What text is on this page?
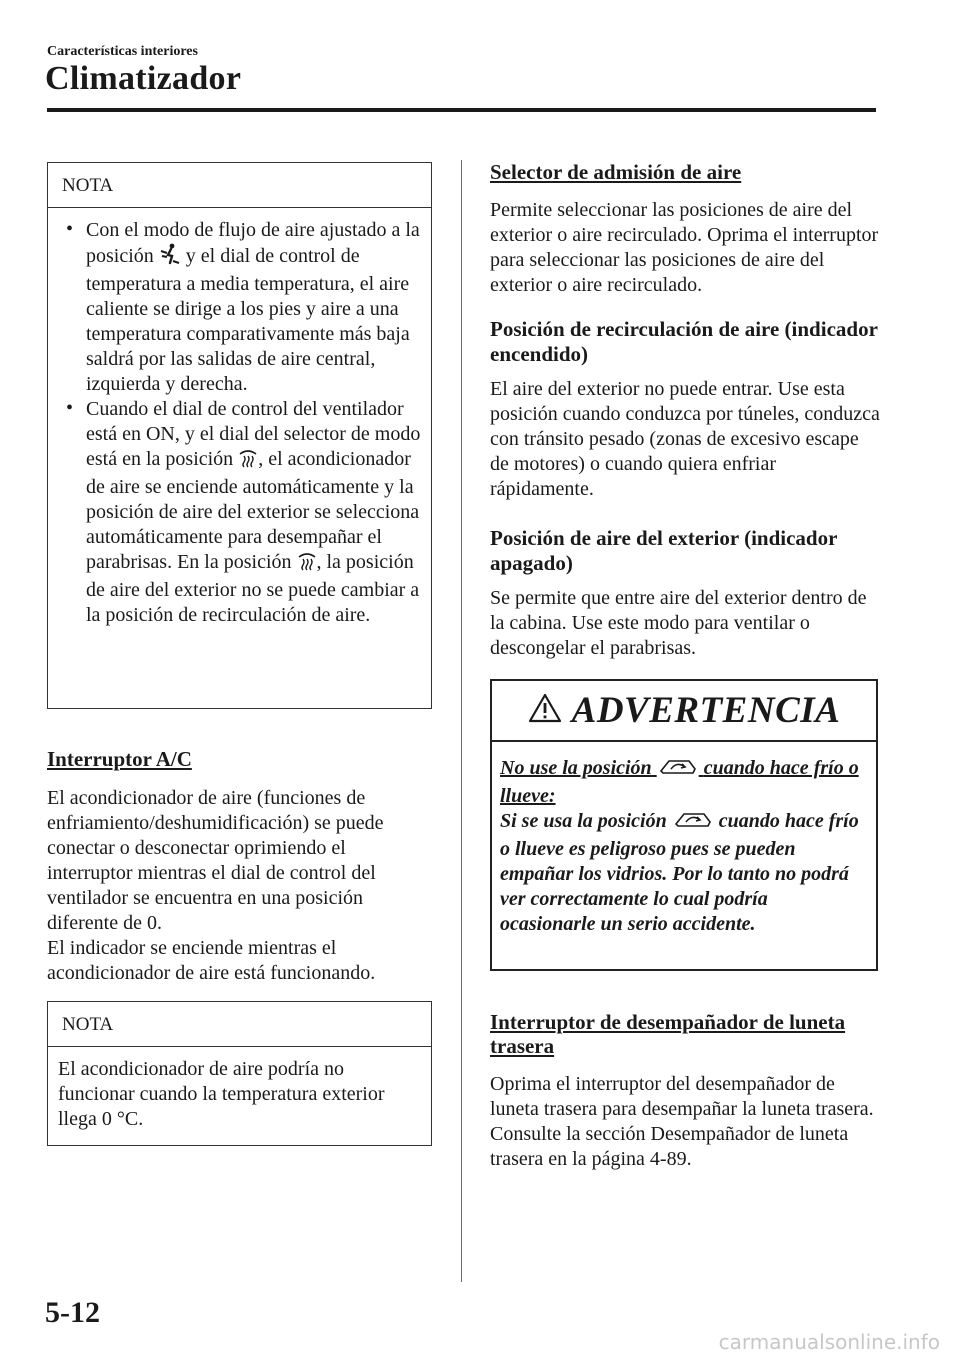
Características interiores
Climatizador
NOTA
• Con el modo de flujo de aire ajustado a la posición y el dial de control de temperatura a media temperatura, el aire caliente se dirige a los pies y aire a una temperatura comparativamente más baja saldrá por las salidas de aire central, izquierda y derecha.
• Cuando el dial de control del ventilador está en ON, y el dial del selector de modo está en la posición , el acondicionador de aire se enciende automáticamente y la posición de aire del exterior se selecciona automáticamente para desempañar el parabrisas. En la posición , la posición de aire del exterior no se puede cambiar a la posición de recirculación de aire.
Interruptor A/C
El acondicionador de aire (funciones de enfriamiento/deshumidificación) se puede conectar o desconectar oprimiendo el interruptor mientras el dial de control del ventilador se encuentra en una posición diferente de 0.
El indicador se enciende mientras el acondicionador de aire está funcionando.
NOTA
El acondicionador de aire podría no funcionar cuando la temperatura exterior llega 0 °C.
Selector de admisión de aire
Permite seleccionar las posiciones de aire del exterior o aire recirculado. Oprima el interruptor para seleccionar las posiciones de aire del exterior o aire recirculado.
Posición de recirculación de aire (indicador encendido)
El aire del exterior no puede entrar. Use esta posición cuando conduzca por túneles, conduzca con tránsito pesado (zonas de excesivo escape de motores) o cuando quiera enfriar rápidamente.
Posición de aire del exterior (indicador apagado)
Se permite que entre aire del exterior dentro de la cabina. Use este modo para ventilar o descongelar el parabrisas.
ADVERTENCIA
No use la posición	cuando hace frío o llueve:
Si se usa la posición	cuando hace frío o llueve es peligroso pues se pueden empañar los vidrios. Por lo tanto no podrá ver correctamente lo cual podría ocasionarle un serio accidente.
Interruptor de desempañador de luneta trasera
Oprima el interruptor del desempañador de luneta trasera para desempañar la luneta trasera.
Consulte la sección Desempañador de luneta trasera en la página 4-89.
5-12
carmanualsonline.info
